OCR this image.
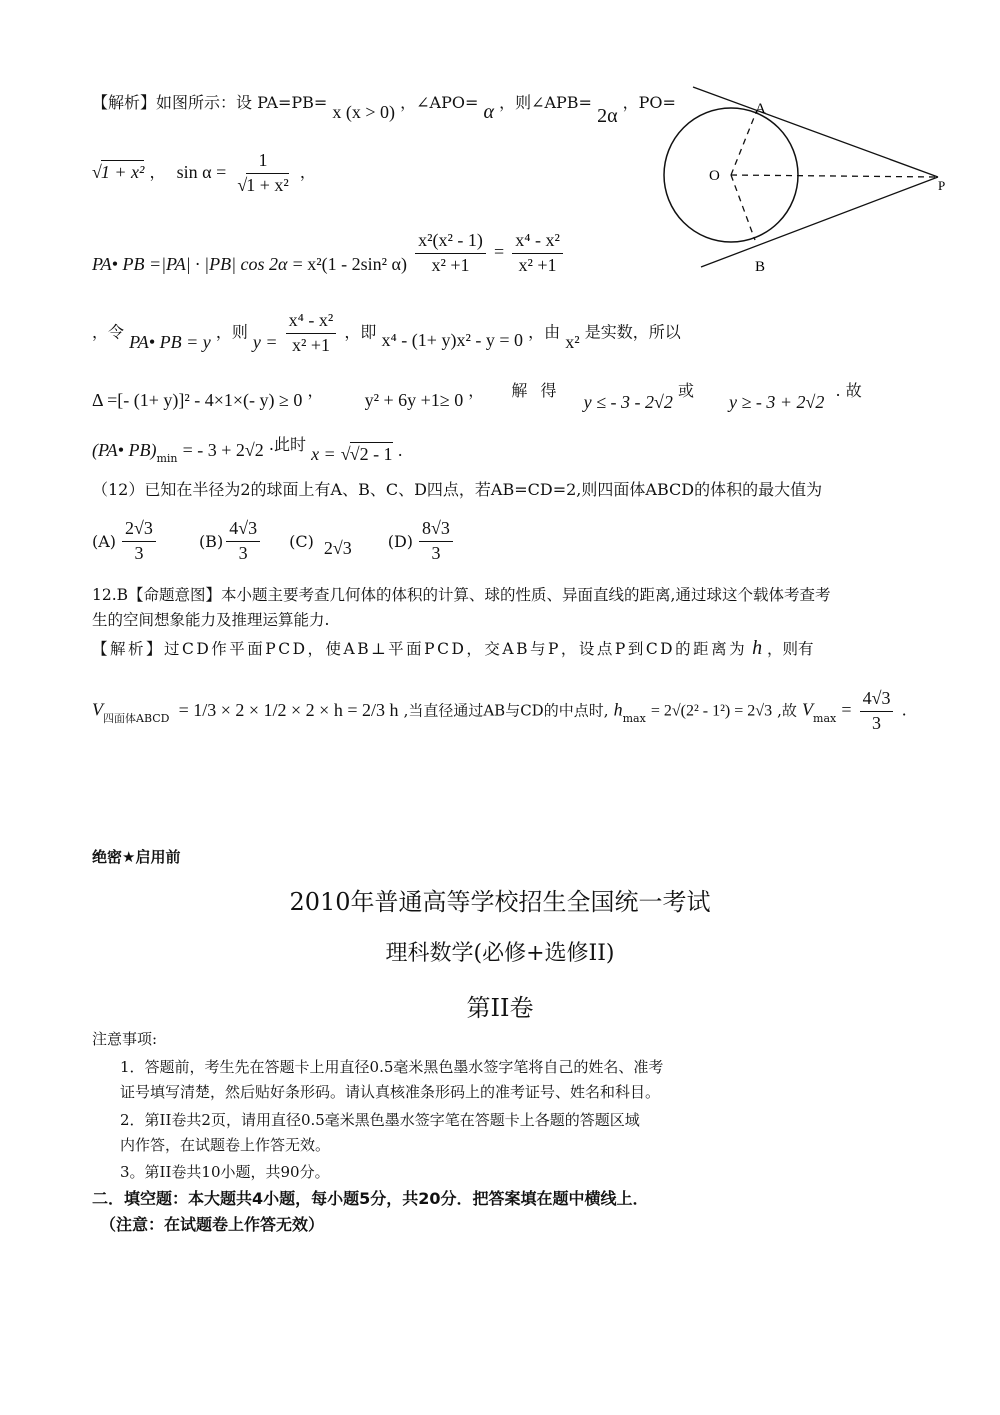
【解析】如图所示：设 PA=PB= x (x > 0) ，∠APO= α ，则∠APB= 2α ，PO=
√1 + x² ， $\sin \alpha = \frac{1}{\text{√1 + x²}}$ ，
PA• PB =|PA| · |PB| cos 2α = x²(1 - 2sin² $\alpha) \frac{\text{x²(x² - 1)}}{\text{x² +1}} = \frac{\text{x⁴ - x²}}{\text{x² +1}}$
，令 PA• PB = y ，则 $y = \frac{\text{x⁴ - x²}}{\text{x² +1}}$ ，即 x⁴ - (1+ y)x² - y = 0 ，由 x² 是实数，所以
Δ =[- (1+ y)]² - 4×1×(- y) ≥ 0 ， y² + 6y +1≥ 0 ， 解 得 y ≤ - 3 - 2√2 或 y ≥ - 3 + 2√2 . 故
(PA• $PB)_{min}$ = - 3 + 2√2 .此时 x = √√2 - 1 .
A
O
P
B
（12）已知在半径为2的球面上有A、B、C、D四点，若AB=CD=2,则四面体ABCD的体积的最大值为
(A)
2√3
3
(B)
4√3
3
(C) 2√3 (D)
8√3
3
12.B【命题意图】本小题主要考查几何体的体积的计算、球的性质、异面直线的距离,通过球这个载体考查考
生的空间想象能力及推理运算能力.
【解析】过CD作平面PCD，使AB⊥平面PCD，交AB与P，设点P到CD的距离为 h ，则有
$V_{四面体ABCD} = 1/3 \times 2 \times 1/2 \times 2 \times h = 2/3$ h ,当直径通过AB与CD的中点时, $h_{max} = 2√(2^2 - 1^2) = 2√3$ ,故 $V_{max} = \frac{4√3}{3}$ .
绝密★启用前
2010年普通高等学校招生全国统一考试
理科数学(必修+选修II)
第II卷
注意事项:
1．答题前，考生先在答题卡上用直径0.5毫米黑色墨水签字笔将自己的姓名、准考
证号填写清楚，然后贴好条形码。请认真核准条形码上的准考证号、姓名和科目。
2．第II卷共2页，请用直径0.5毫米黑色墨水签字笔在答题卡上各题的答题区域
内作答，在试题卷上作答无效。
3。第II卷共10小题，共90分。
二．填空题：本大题共4小题，每小题5分，共20分．把答案填在题中横线上．
（注意：在试题卷上作答无效）
